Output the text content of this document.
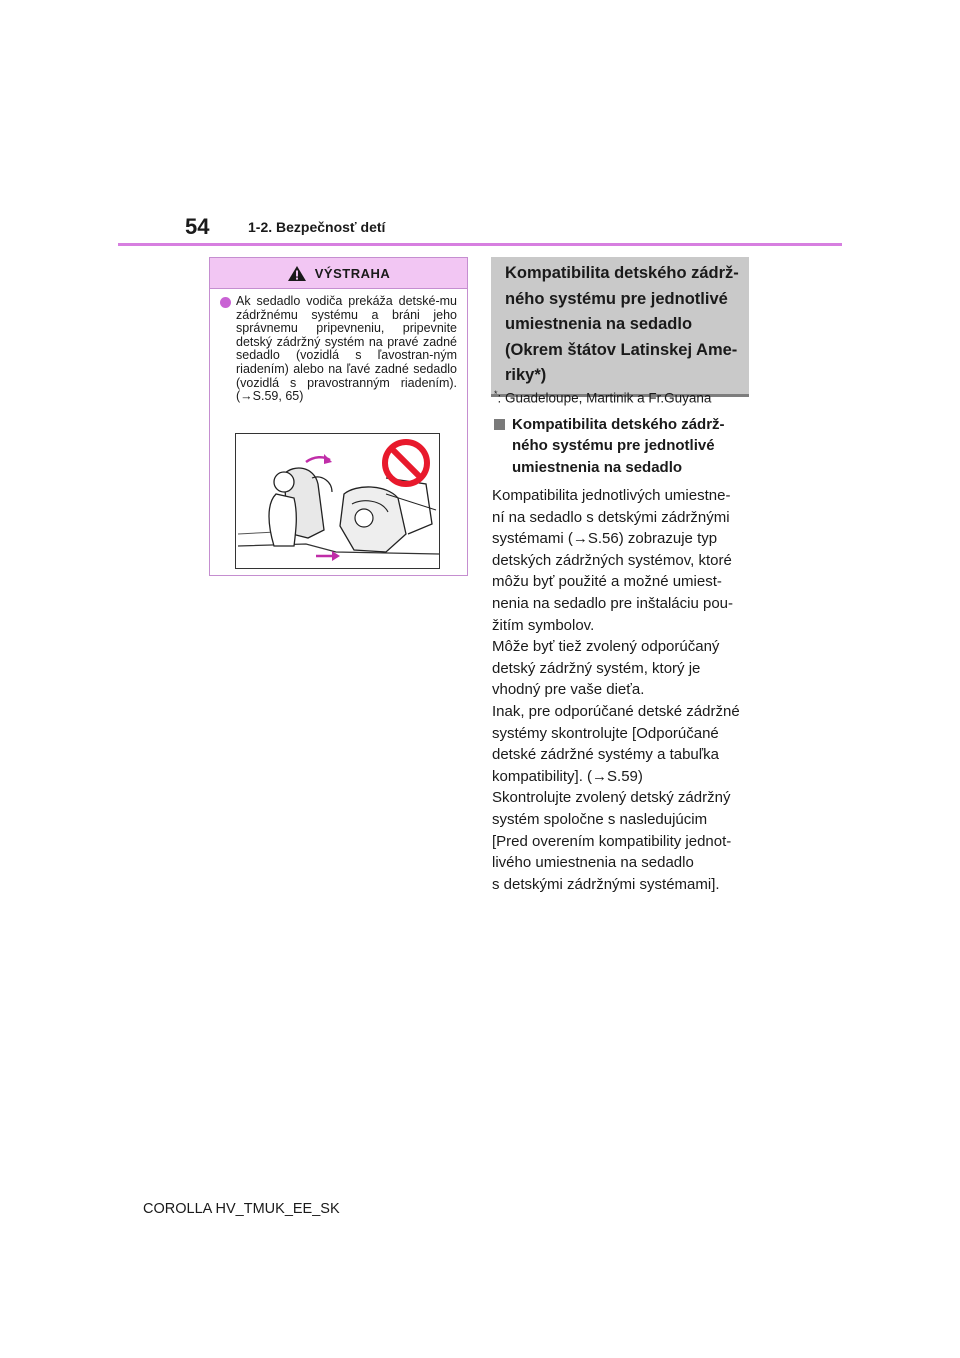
54	1-2. Bezpečnosť detí
VÝSTRAHA
Ak sedadlo vodiča prekáža detské-mu zádržnému systému a bráni jeho správnemu pripevneniu, pripevnite detský zádržný systém na pravé zadné sedadlo (vozidlá s ľavostran-ným riadením) alebo na ľavé zadné sedadlo (vozidlá s pravostranným riadením). (→S.59, 65)
Kompatibilita detského zádrž-
ného systému pre jednotlivé
umiestnenia na sedadlo
(Okrem štátov Latinskej Ame-
riky*)
*: Guadeloupe, Martinik a Fr.Guyana
Kompatibilita detského zádrž-
ného systému pre jednotlivé
umiestnenia na sedadlo
Kompatibilita jednotlivých umiestne-
ní na sedadlo s detskými zádržnými
systémami (→S.56) zobrazuje typ
detských zádržných systémov, ktoré
môžu byť použité a možné umiest-
nenia na sedadlo pre inštaláciu pou-
žitím symbolov.
Môže byť tiež zvolený odporúčaný
detský zádržný systém, ktorý je
vhodný pre vaše dieťa.
Inak, pre odporúčané detské zádržné
systémy skontrolujte [Odporúčané
detské zádržné systémy a tabuľka
kompatibility]. (→S.59)
Skontrolujte zvolený detský zádržný
systém spoločne s nasledujúcim
[Pred overením kompatibility jednot-
livého umiestnenia na sedadlo
s detskými zádržnými systémami].
COROLLA HV_TMUK_EE_SK
